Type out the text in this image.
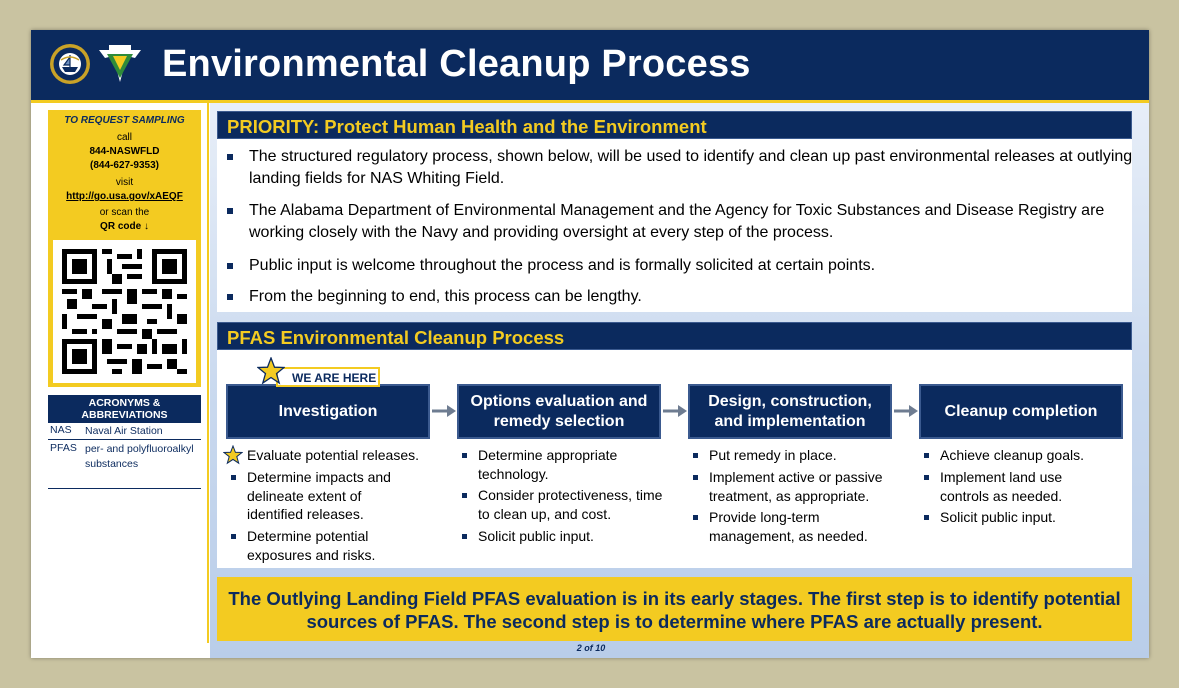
Environmental Cleanup Process
TO REQUEST SAMPLING
call
844-NASWFLD
(844-627-9353)
visit
http://go.usa.gov/xAEQF
or scan the
QR code ↓
ACRONYMS &
ABBREVIATIONS
NAS Naval Air Station
PFAS per- and polyfluoroalkyl substances
PRIORITY: Protect Human Health and the Environment
The structured regulatory process, shown below, will be used to identify and clean up past environmental releases at outlying landing fields for NAS Whiting Field.
The Alabama Department of Environmental Management and the Agency for Toxic Substances and Disease Registry are working closely with the Navy and providing oversight at every step of the process.
Public input is welcome throughout the process and is formally solicited at certain points.
From the beginning to end, this process can be lengthy.
PFAS Environmental Cleanup Process
Investigation
Options evaluation and remedy selection
Design, construction, and implementation
Cleanup completion
WE ARE HERE
Evaluate potential releases.
Determine impacts and delineate extent of identified releases.
Determine potential exposures and risks.
Determine appropriate technology.
Consider protectiveness, time to clean up, and cost.
Solicit public input.
Put remedy in place.
Implement active or passive treatment, as appropriate.
Provide long-term management, as needed.
Achieve cleanup goals.
Implement land use controls as needed.
Solicit public input.
The Outlying Landing Field PFAS evaluation is in its early stages. The first step is to identify potential sources of PFAS. The second step is to determine where PFAS are actually present.
2 of 10
